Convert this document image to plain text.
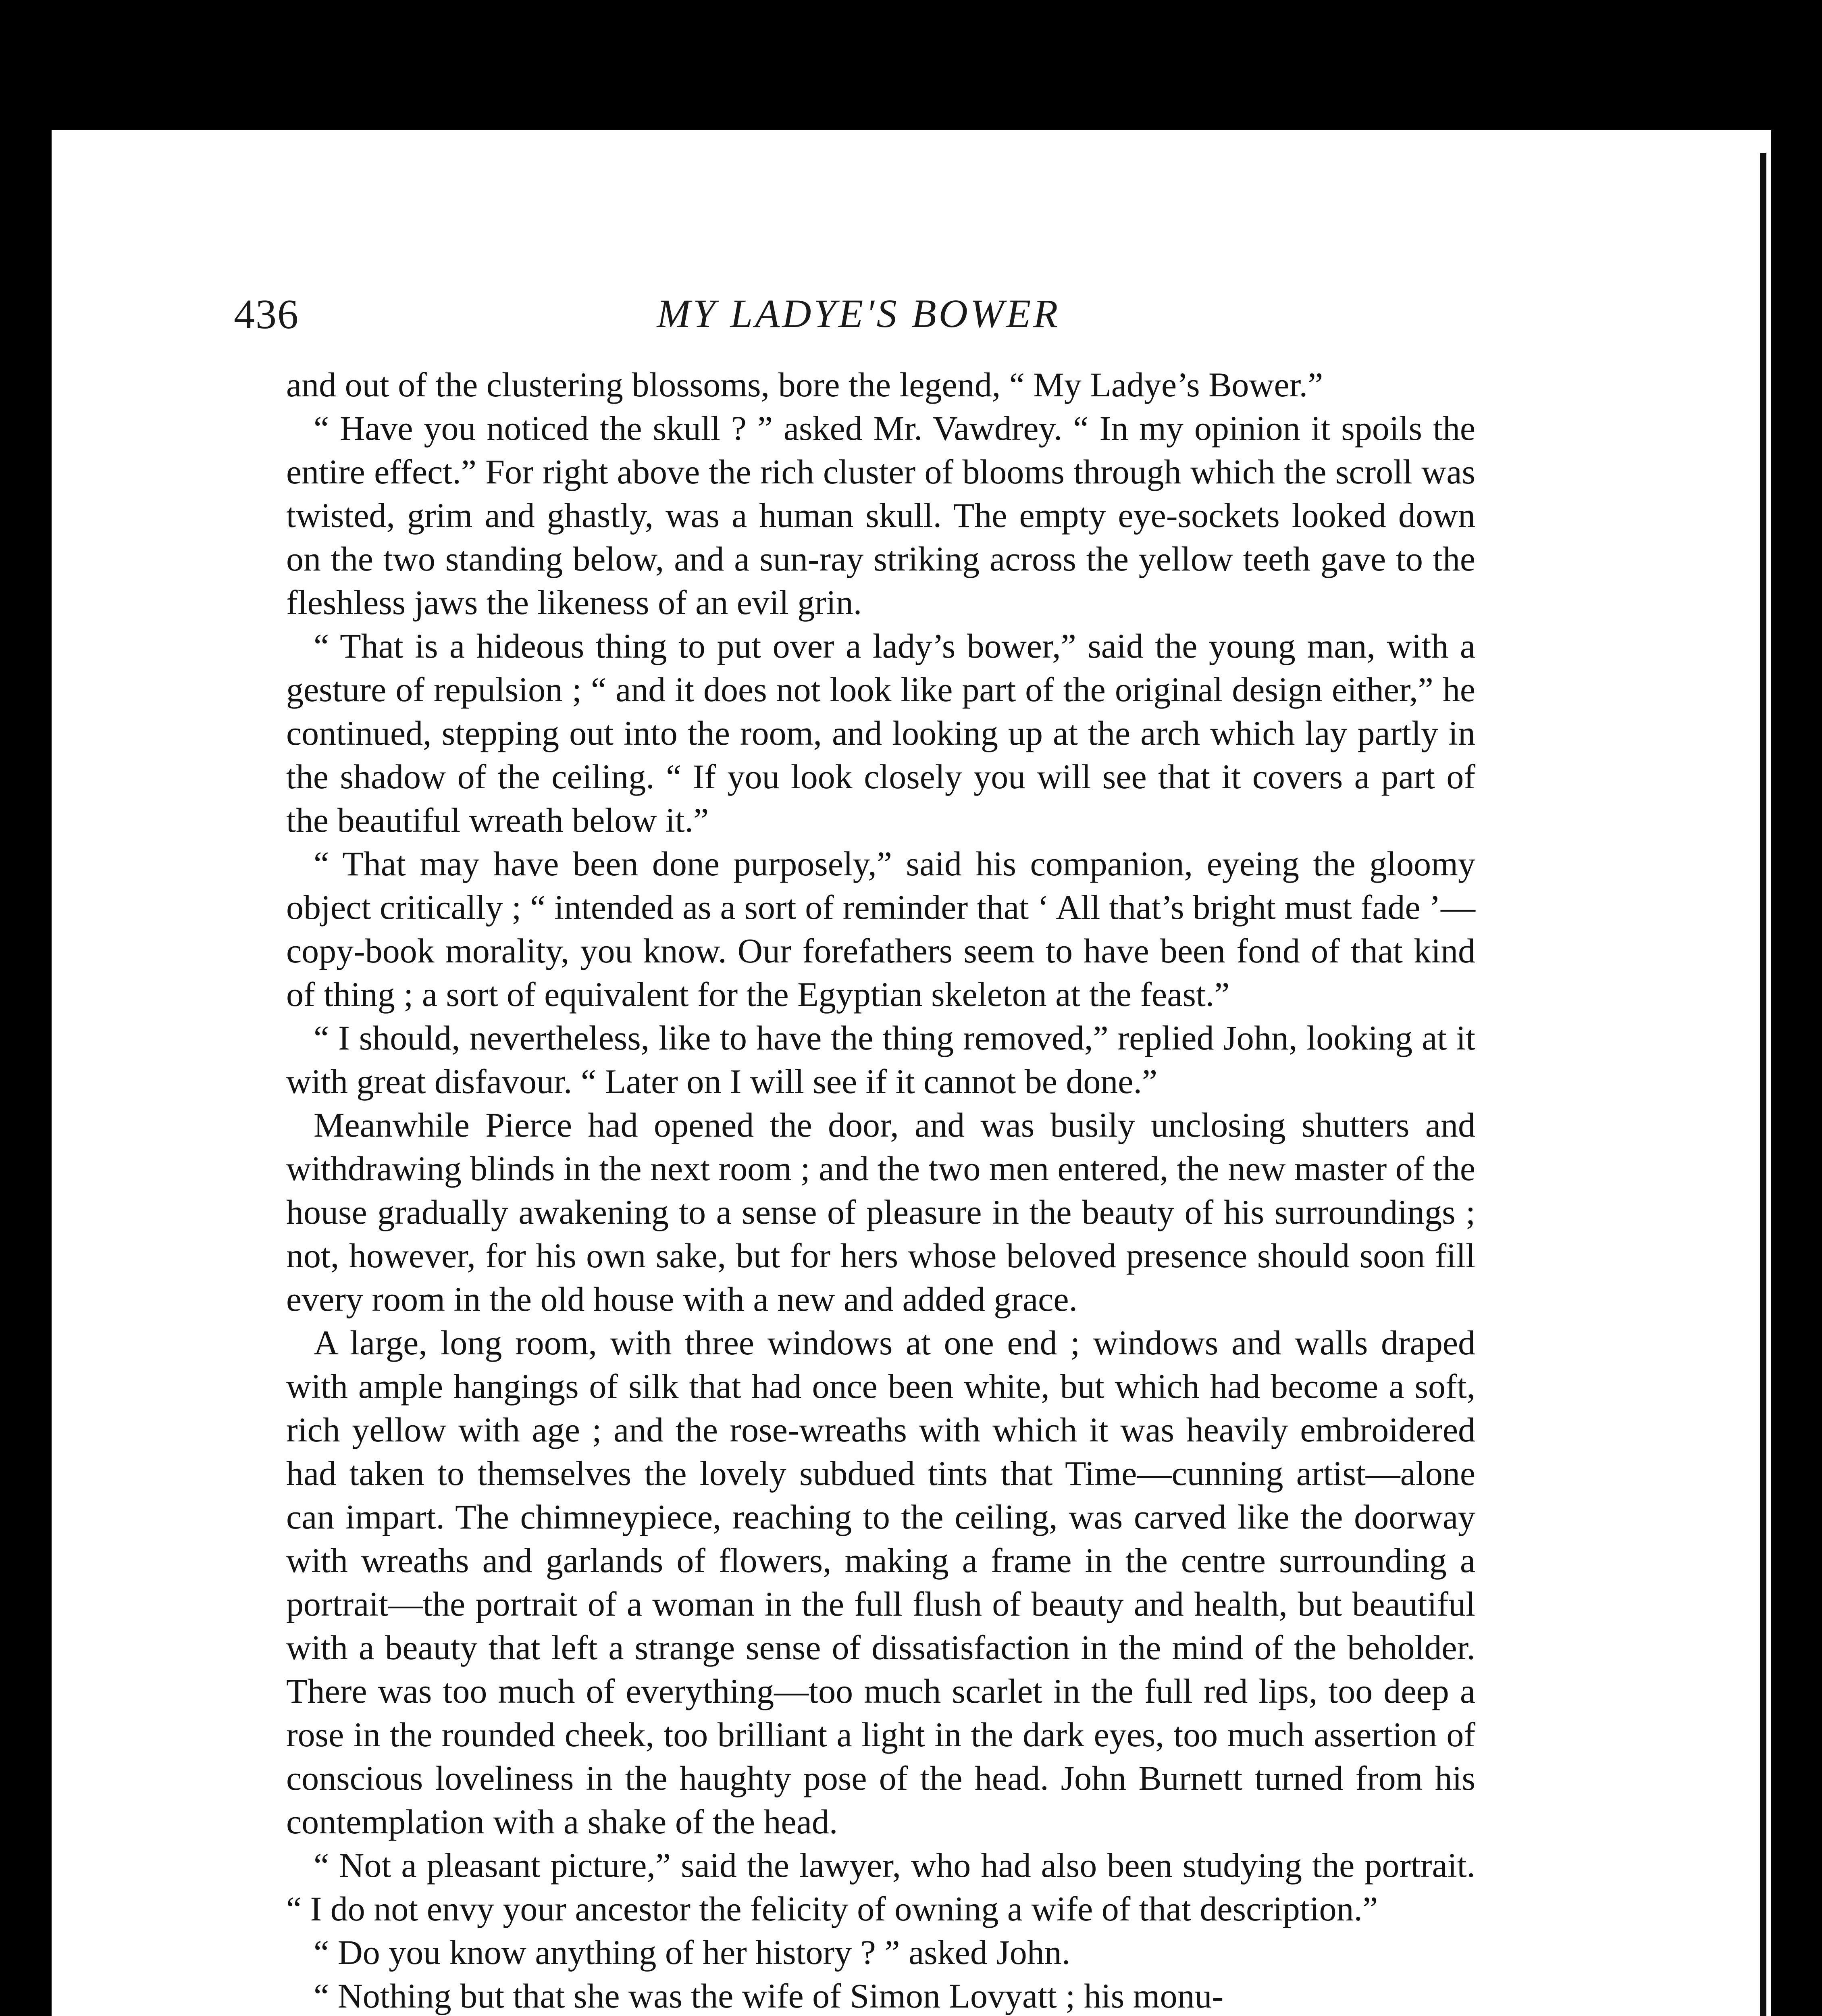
436	MY LADYE'S BOWER

and out of the clustering blossoms, bore the legend, “ My Ladye’s Bower.”

“ Have you noticed the skull ? ” asked Mr. Vawdrey. “ In my opinion it spoils the entire effect.” For right above the rich cluster of blooms through which the scroll was twisted, grim and ghastly, was a human skull. The empty eye-sockets looked down on the two standing below, and a sun-ray striking across the yellow teeth gave to the fleshless jaws the likeness of an evil grin.

“ That is a hideous thing to put over a lady’s bower,” said the young man, with a gesture of repulsion ; “ and it does not look like part of the original design either,” he continued, stepping out into the room, and looking up at the arch which lay partly in the shadow of the ceiling. “ If you look closely you will see that it covers a part of the beautiful wreath below it.”

“ That may have been done purposely,” said his companion, eyeing the gloomy object critically ; “ intended as a sort of reminder that ‘ All that’s bright must fade ’—copy-book morality, you know. Our forefathers seem to have been fond of that kind of thing ; a sort of equivalent for the Egyptian skeleton at the feast.”

“ I should, nevertheless, like to have the thing removed,” replied John, looking at it with great disfavour. “ Later on I will see if it cannot be done.”

Meanwhile Pierce had opened the door, and was busily unclosing shutters and withdrawing blinds in the next room ; and the two men entered, the new master of the house gradually awakening to a sense of pleasure in the beauty of his surroundings ; not, however, for his own sake, but for hers whose beloved presence should soon fill every room in the old house with a new and added grace.

A large, long room, with three windows at one end ; windows and walls draped with ample hangings of silk that had once been white, but which had become a soft, rich yellow with age ; and the rose-wreaths with which it was heavily embroidered had taken to themselves the lovely subdued tints that Time—cunning artist—alone can impart. The chimneypiece, reaching to the ceiling, was carved like the doorway with wreaths and garlands of flowers, making a frame in the centre surrounding a portrait—the portrait of a woman in the full flush of beauty and health, but beautiful with a beauty that left a strange sense of dissatisfaction in the mind of the beholder. There was too much of everything—too much scarlet in the full red lips, too deep a rose in the rounded cheek, too brilliant a light in the dark eyes, too much assertion of conscious loveliness in the haughty pose of the head. John Burnett turned from his contemplation with a shake of the head.

“ Not a pleasant picture,” said the lawyer, who had also been studying the portrait. “ I do not envy your ancestor the felicity of owning a wife of that description.”

“ Do you know anything of her history ? ” asked John.

“ Nothing but that she was the wife of Simon Lovyatt ; his monu-
